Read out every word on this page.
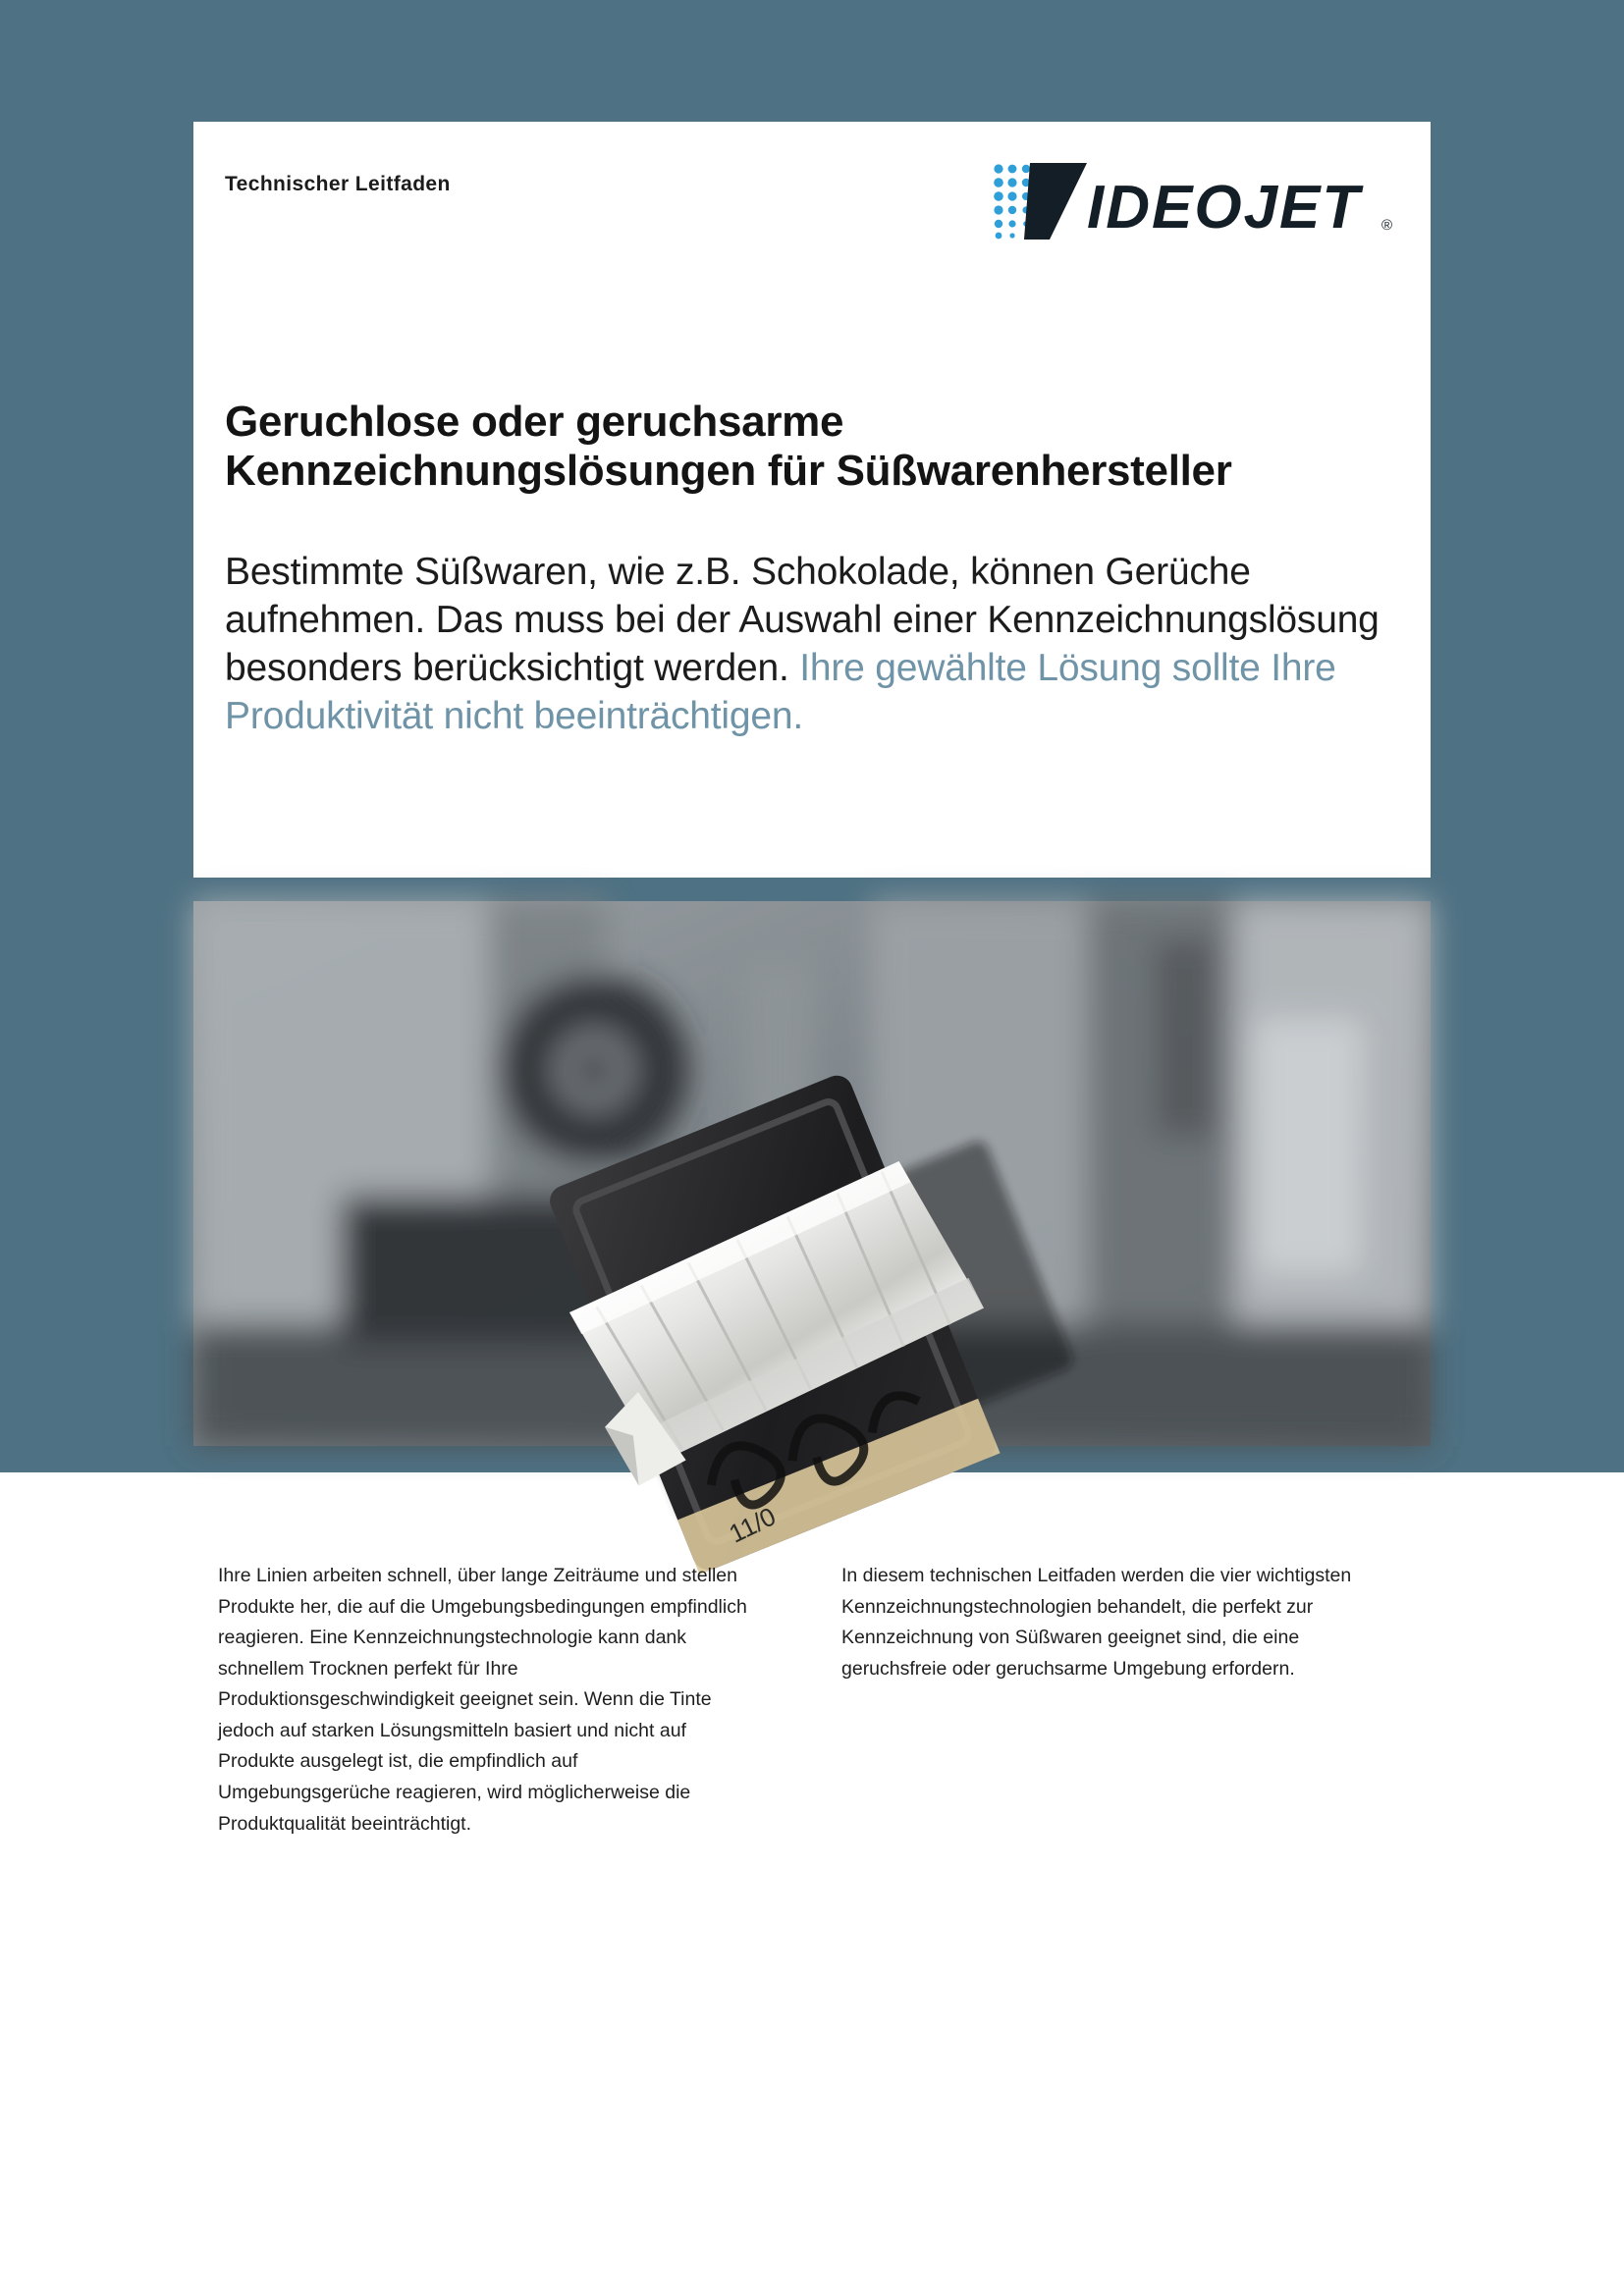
Technischer Leitfaden	IDEOJET ®
Geruchlose oder geruchsarme
Kennzeichnungslösungen für Süßwarenhersteller

Bestimmte Süßwaren, wie z.B. Schokolade, können Gerüche aufnehmen. Das muss bei der Auswahl einer Kennzeichnungslösung besonders berücksichtigt werden. Ihre gewählte Lösung sollte Ihre Produktivität nicht beeinträchtigen.

11/0
Ihre Linien arbeiten schnell, über lange Zeiträume und stellen Produkte her, die auf die Umgebungsbedingungen empfindlich reagieren. Eine Kennzeichnungstechnologie kann dank schnellem Trocknen perfekt für Ihre Produktionsgeschwindigkeit geeignet sein. Wenn die Tinte jedoch auf starken Lösungsmitteln basiert und nicht auf Produkte ausgelegt ist, die empfindlich auf Umgebungsgerüche reagieren, wird möglicherweise die Produktqualität beeinträchtigt.
In diesem technischen Leitfaden werden die vier wichtigsten Kennzeichnungstechnologien behandelt, die perfekt zur Kennzeichnung von Süßwaren geeignet sind, die eine geruchsfreie oder geruchsarme Umgebung erfordern.
